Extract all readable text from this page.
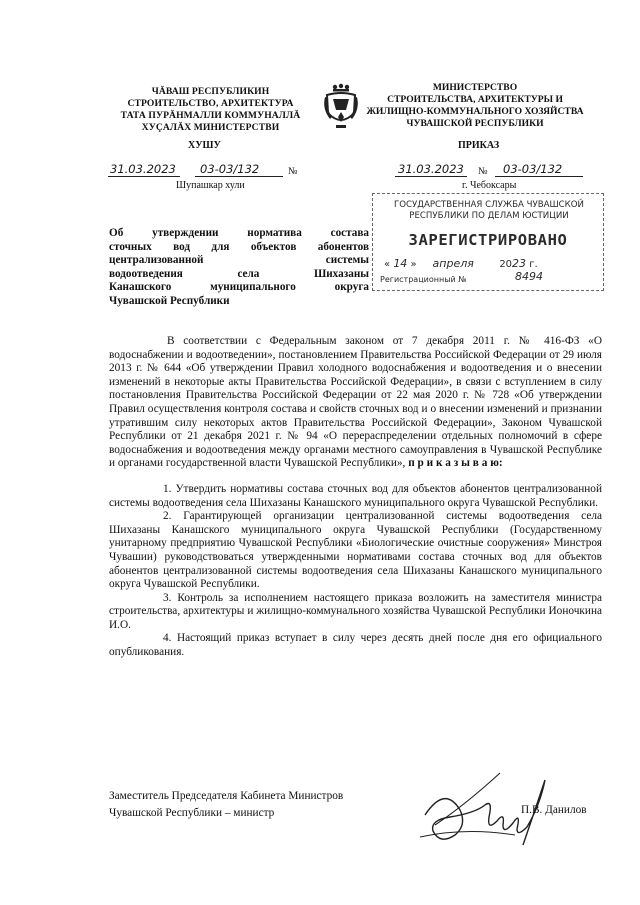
ЧĂВАШ РЕСПУБЛИКИН
СТРОИТЕЛЬСТВО, АРХИТЕКТУРА
ТАТА ПУРĂНМАЛЛИ КОММУНАЛЛĂ
ХУÇАЛĂХ МИНИСТЕРСТВИ
МИНИСТЕРСТВО
СТРОИТЕЛЬСТВА, АРХИТЕКТУРЫ И
ЖИЛИЩНО-КОММУНАЛЬНОГО ХОЗЯЙСТВА
ЧУВАШСКОЙ РЕСПУБЛИКИ
ХУШУ	ПРИКАЗ
31.03.2023 03-03/132	№
Шупашкар хули
31.03.2023 № 03-03/132
г. Чебоксары
ГОСУДАРСТВЕННАЯ СЛУЖБА ЧУВАШСКОЙ
РЕСПУБЛИКИ ПО ДЕЛАМ ЮСТИЦИИ
ЗАРЕГИСТРИРОВАНО
« 14 » апреля	2023 г.
Регистрационный №	8494
Об утверждении норматива состава
сточных вод для объектов абонентов
централизованной системы
водоотведения села Шихазаны
Канашского муниципального округа
Чувашской Республики

В соответствии с Федеральным законом от 7 декабря 2011 г. № 416-ФЗ «О водоснабжении и водоотведении», постановлением Правительства Российской Федерации от 29 июля 2013 г. № 644 «Об утверждении Правил холодного водоснабжения и водоотведения и о внесении изменений в некоторые акты Правительства Российской Федерации», в связи с вступлением в силу постановления Правительства Российской Федерации от 22 мая 2020 г. № 728 «Об утверждении Правил осуществления контроля состава и свойств сточных вод и о внесении изменений и признании утратившим силу некоторых актов Правительства Российской Федерации», Законом Чувашской Республики от 21 декабря 2021 г. № 94 «О перераспределении отдельных полномочий в сфере водоснабжения и водоотведения между органами местного самоуправления в Чувашской Республике и органами государственной власти Чувашской Республики», п р и к а з ы в а ю:

1. Утвердить нормативы состава сточных вод для объектов абонентов централизованной системы водоотведения села Шихазаны Канашского муниципального округа Чувашской Республики.

2. Гарантирующей организации централизованной системы водоотведения села Шихазаны Канашского муниципального округа Чувашской Республики (Государственному унитарному предприятию Чувашской Республики «Биологические очистные сооружения» Минстроя Чувашии) руководствоваться утвержденными нормативами состава сточных вод для объектов абонентов централизованной системы водоотведения села Шихазаны Канашского муниципального округа Чувашской Республики.

3. Контроль за исполнением настоящего приказа возложить на заместителя министра строительства, архитектуры и жилищно-коммунального хозяйства Чувашской Республики Ионочкина И.О.

4. Настоящий приказ вступает в силу через десять дней после дня его официального опубликования.

Заместитель Председателя Кабинета Министров
Чувашской Республики – министр	П.В. Данилов
